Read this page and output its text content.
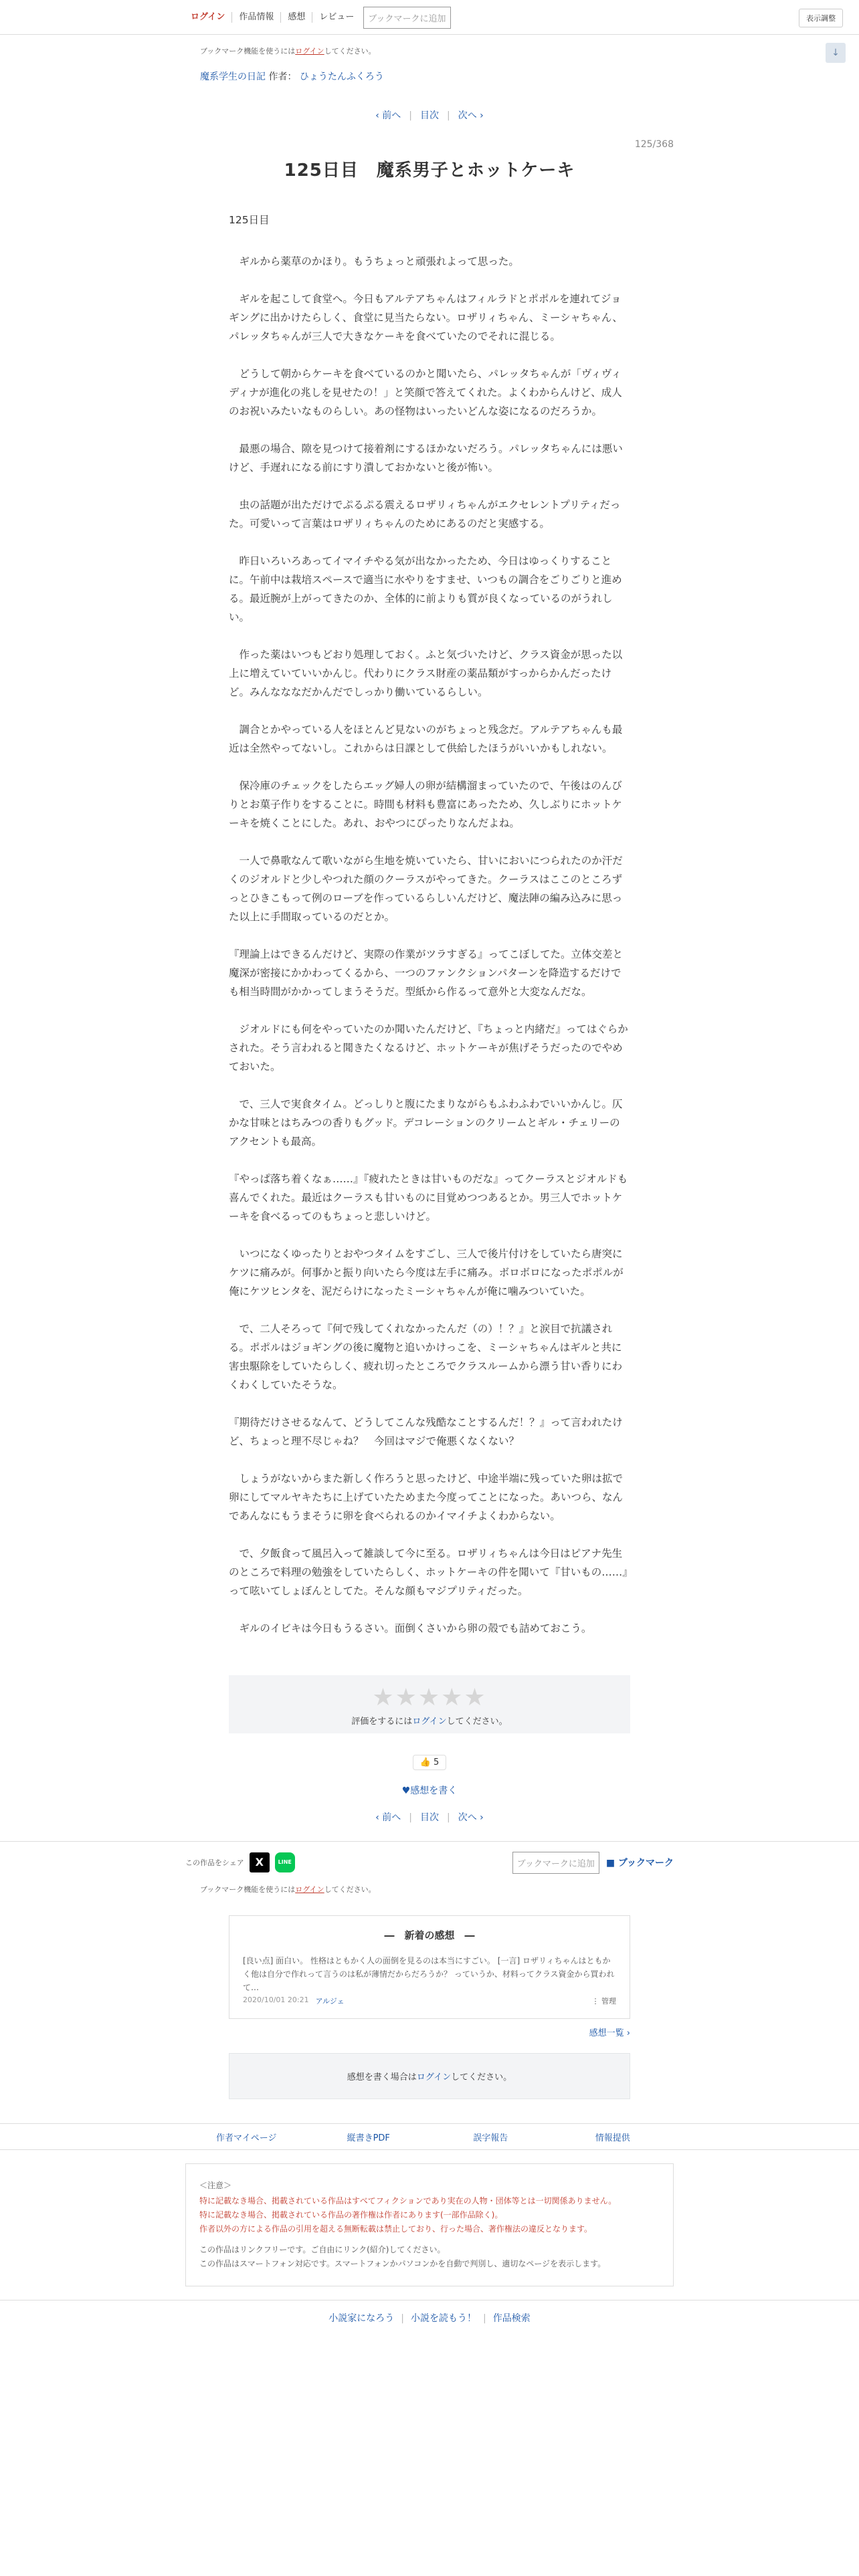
ログイン	作品情報	感想	レビュー	ブックマークに追加	表示調整
↓
ブックマーク機能を使うにはログインしてください。
魔系学生の日記 作者： ひょうたんふくろう
‹ 前へ | 目次 | 次へ ›
125/368
125日目　魔系男子とホットケーキ
125日目

　ギルから薬草のかほり。もうちょっと頑張れよって思った。

　ギルを起こして食堂へ。今日もアルテアちゃんはフィルラドとポポルを連れてジョギングに出かけたらしく、食堂に見当たらない。ロザリィちゃん、ミーシャちゃん、パレッタちゃんが三人で大きなケーキを食べていたのでそれに混じる。

　どうして朝からケーキを食べているのかと聞いたら、パレッタちゃんが「ヴィヴィディナが進化の兆しを見せたの！」と笑顔で答えてくれた。よくわからんけど、成人のお祝いみたいなものらしい。あの怪物はいったいどんな姿になるのだろうか。

　最悪の場合、隙を見つけて接着剤にするほかないだろう。パレッタちゃんには悪いけど、手遅れになる前にすり潰しておかないと後が怖い。

　虫の話題が出ただけでぷるぷる震えるロザリィちゃんがエクセレントプリティだった。可愛いって言葉はロザリィちゃんのためにあるのだと実感する。

　昨日いろいろあってイマイチやる気が出なかったため、今日はゆっくりすることに。午前中は栽培スペースで適当に水やりをすませ、いつもの調合をごりごりと進める。最近腕が上がってきたのか、全体的に前よりも質が良くなっているのがうれしい。

　作った薬はいつもどおり処理しておく。ふと気づいたけど、クラス資金が思った以上に増えていていいかんじ。代わりにクラス財産の薬品類がすっからかんだったけど。みんなななだかんだでしっかり働いているらしい。

　調合とかやっている人をほとんど見ないのがちょっと残念だ。アルテアちゃんも最近は全然やってないし。これからは日課として供給したほうがいいかもしれない。

　保冷庫のチェックをしたらエッグ婦人の卵が結構溜まっていたので、午後はのんびりとお菓子作りをすることに。時間も材料も豊富にあったため、久しぶりにホットケーキを焼くことにした。あれ、おやつにぴったりなんだよね。

　一人で鼻歌なんて歌いながら生地を焼いていたら、甘いにおいにつられたのか汗だくのジオルドと少しやつれた顔のクーラスがやってきた。クーラスはここのところずっとひきこもって例のローブを作っているらしいんだけど、魔法陣の編み込みに思った以上に手間取っているのだとか。

『理論上はできるんだけど、実際の作業がツラすぎる』ってこぼしてた。立体交差と魔深が密接にかかわってくるから、一つのファンクションパターンを降造するだけでも相当時間がかかってしまうそうだ。型紙から作るって意外と大変なんだな。

　ジオルドにも何をやっていたのか聞いたんだけど、『ちょっと内緒だ』ってはぐらかされた。そう言われると聞きたくなるけど、ホットケーキが焦げそうだったのでやめておいた。

　で、三人で実食タイム。どっしりと腹にたまりながらもふわふわでいいかんじ。仄かな甘味とはちみつの香りもグッド。デコレーションのクリームとギル・チェリーのアクセントも最高。

『やっぱ落ち着くなぁ……』『疲れたときは甘いものだな』ってクーラスとジオルドも喜んでくれた。最近はクーラスも甘いものに目覚めつつあるとか。男三人でホットケーキを食べるってのもちょっと悲しいけど。

　いつになくゆったりとおやつタイムをすごし、三人で後片付けをしていたら唐突にケツに痛みが。何事かと振り向いたら今度は左手に痛み。ボロボロになったポポルが俺にケツヒンタを、泥だらけになったミーシャちゃんが俺に噛みついていた。

　で、二人そろって『何で残してくれなかったんだ（の）！？』と涙目で抗議される。ポポルはジョギングの後に魔物と追いかけっこを、ミーシャちゃんはギルと共に害虫駆除をしていたらしく、疲れ切ったところでクラスルームから漂う甘い香りにわくわくしていたそうな。

『期待だけさせるなんて、どうしてこんな残酷なことするんだ！？』って言われたけど、ちょっと理不尽じゃね？　今回はマジで俺悪くなくない？

　しょうがないからまた新しく作ろうと思ったけど、中途半端に残っていた卵は拡で卵にしてマルヤキたちに上げていたためまた今度ってことになった。あいつら、なんであんなにもうまそうに卵を食べられるのかイマイチよくわからない。

　で、夕飯食って風呂入って雑談して今に至る。ロザリィちゃんは今日はピアナ先生のところで料理の勉強をしていたらしく、ホットケーキの件を聞いて『甘いもの……』って呟いてしょぼんとしてた。そんな顔もマジプリティだった。

　ギルのイビキは今日もうるさい。面倒くさいから卵の殻でも詰めておこう。

★★★★★
評価をするにはログインしてください。
👍 5
♥感想を書く
‹ 前へ | 目次 | 次へ ›
この作品をシェア	X	LINE	ブックマークに追加	■ ブックマーク
ブックマーク機能を使うにはログインしてください。
―　新着の感想　―
[良い点] 面白い。 性格はともかく人の面倒を見るのは本当にすごい。 [一言] ロザリィちゃんはともかく他は自分で作れって言うのは私が薄情だからだろうか？ っていうか、材料ってクラス資金から買われて…
2020/10/01 20:21 アルジェ	⋮ 管理
感想一覧 ›
感想を書く場合はログインしてください。
作者マイページ	縦書きPDF	誤字報告	情報提供
＜注意＞
特に記載なき場合、掲載されている作品はすべてフィクションであり実在の人物・団体等とは一切関係ありません。
特に記載なき場合、掲載されている作品の著作権は作者にあります(一部作品除く)。
作者以外の方による作品の引用を超える無断転載は禁止しており、行った場合、著作権法の違反となります。
この作品はリンクフリーです。ご自由にリンク(紹介)してください。
この作品はスマートフォン対応です。スマートフォンかパソコンかを自動で判別し、適切なページを表示します。
小説家になろう | 小説を読もう！ | 作品検索
